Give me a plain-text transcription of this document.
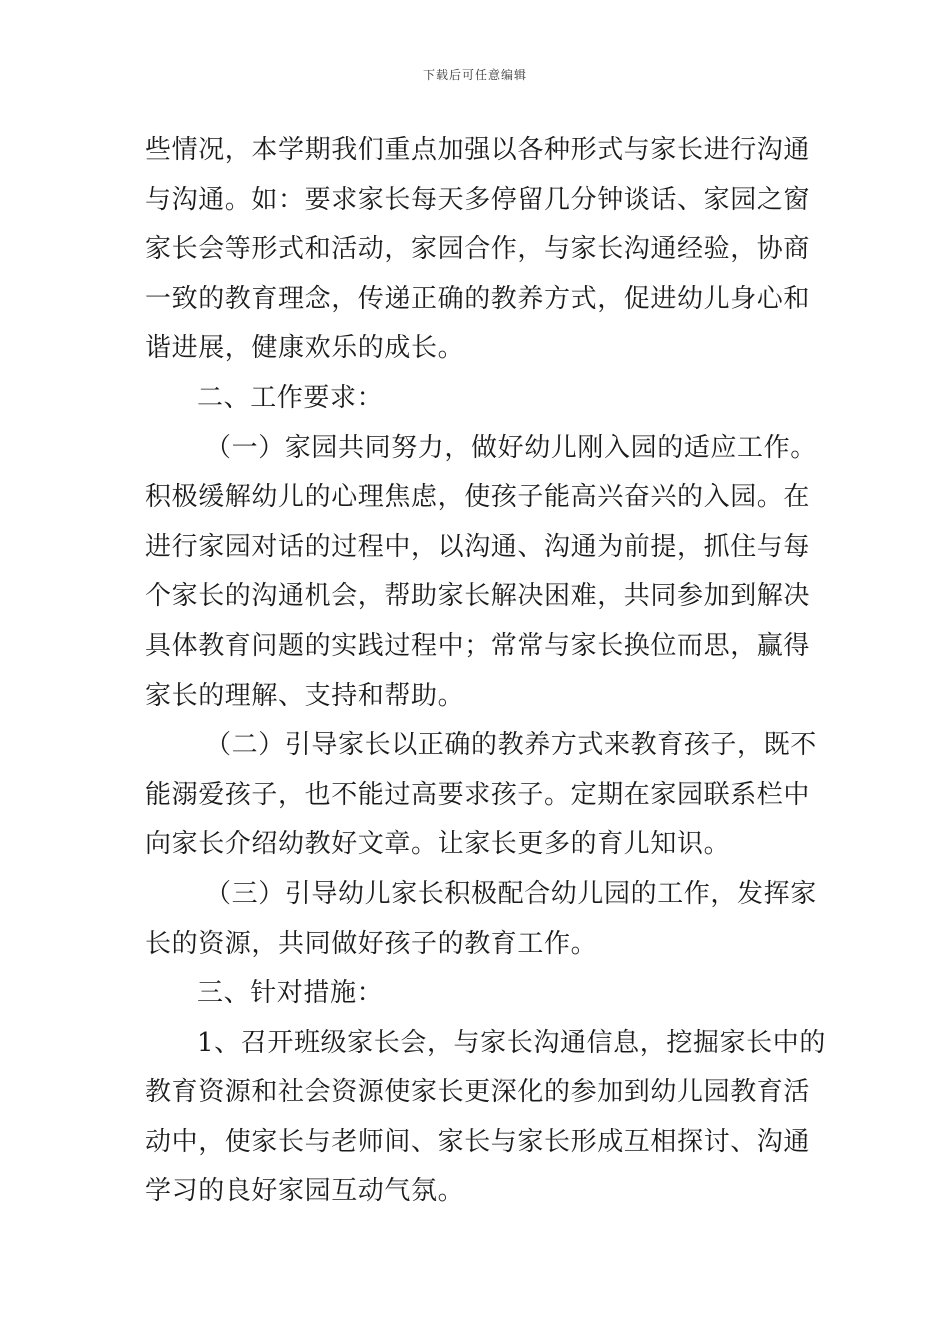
下载后可任意编辑
些情况，本学期我们重点加强以各种形式与家长进行沟通
与沟通。如：要求家长每天多停留几分钟谈话、家园之窗
家长会等形式和活动，家园合作，与家长沟通经验，协商
一致的教育理念，传递正确的教养方式，促进幼儿身心和
谐进展，健康欢乐的成长。
二、工作要求：
（一）家园共同努力，做好幼儿刚入园的适应工作。
积极缓解幼儿的心理焦虑，使孩子能高兴奋兴的入园。在
进行家园对话的过程中，以沟通、沟通为前提，抓住与每
个家长的沟通机会，帮助家长解决困难，共同参加到解决
具体教育问题的实践过程中；常常与家长换位而思，赢得
家长的理解、支持和帮助。
（二）引导家长以正确的教养方式来教育孩子，既不
能溺爱孩子，也不能过高要求孩子。定期在家园联系栏中
向家长介绍幼教好文章。让家长更多的育儿知识。
（三）引导幼儿家长积极配合幼儿园的工作，发挥家
长的资源，共同做好孩子的教育工作。
三、针对措施：
1、召开班级家长会，与家长沟通信息，挖掘家长中的
教育资源和社会资源使家长更深化的参加到幼儿园教育活
动中，使家长与老师间、家长与家长形成互相探讨、沟通
学习的良好家园互动气氛。
